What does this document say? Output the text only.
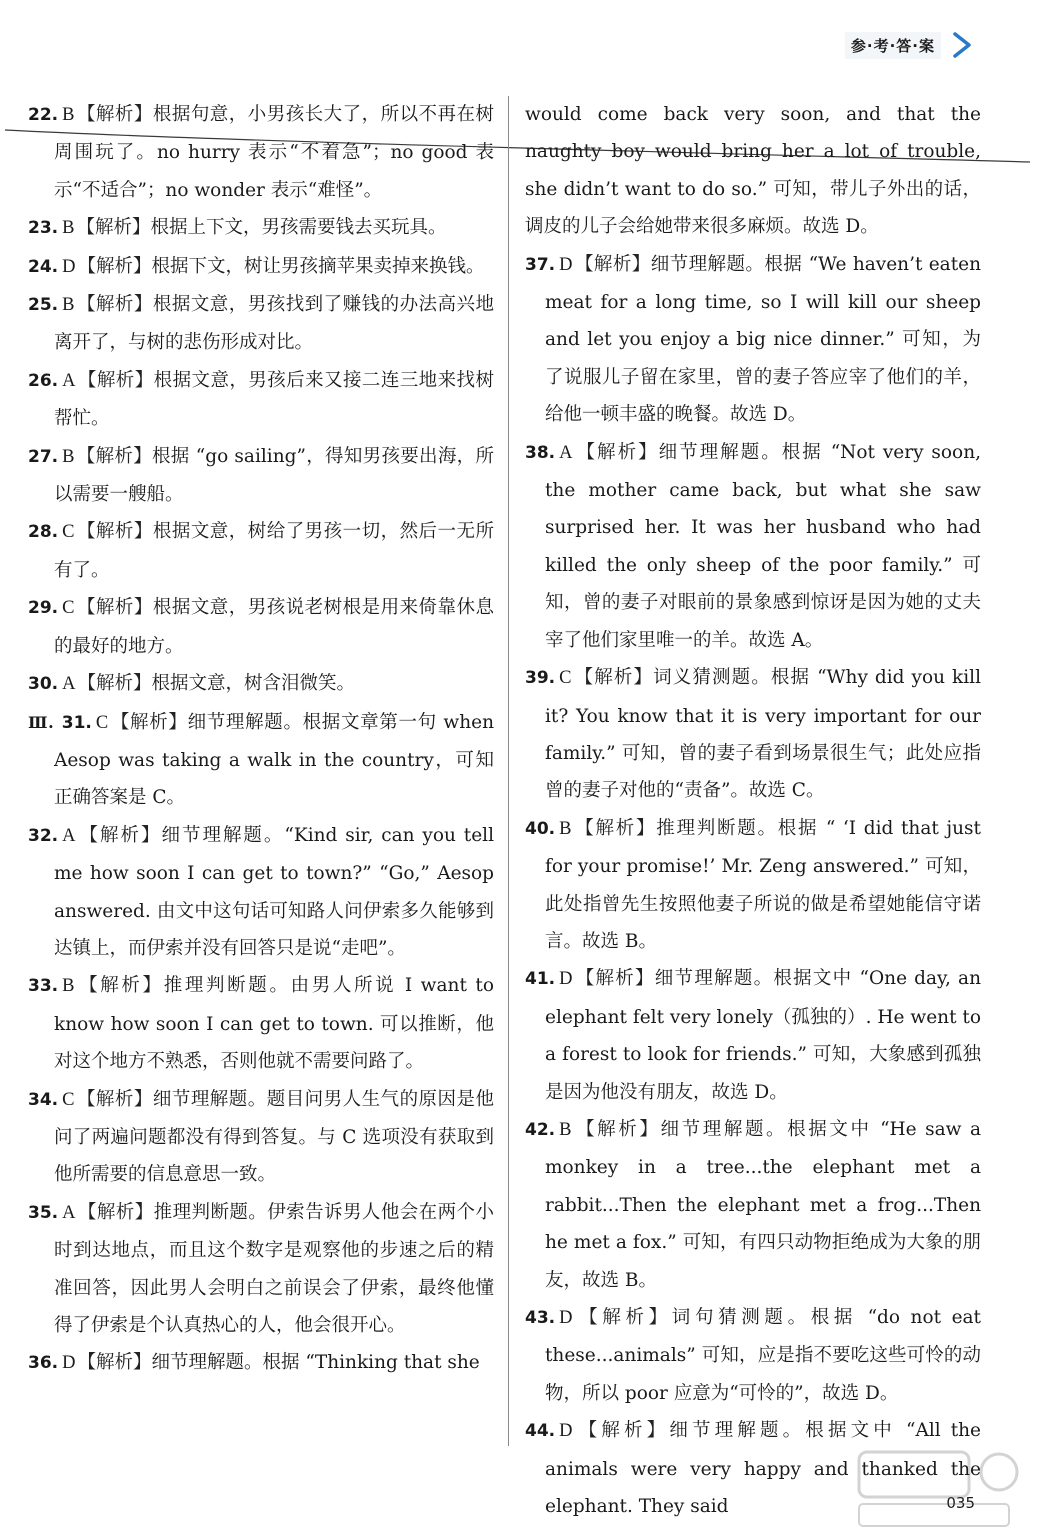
参·考·答·案
22. B 【解析】根据句意，小男孩长大了，所以不再在树周围玩了。no hurry 表示“不着急”；no good 表示“不适合”；no wonder 表示“难怪”。
23. B 【解析】根据上下文，男孩需要钱去买玩具。
24. D 【解析】根据下文，树让男孩摘苹果卖掉来换钱。
25. B 【解析】根据文意，男孩找到了赚钱的办法高兴地离开了，与树的悲伤形成对比。
26. A 【解析】根据文意，男孩后来又接二连三地来找树帮忙。
27. B 【解析】根据 “go sailing”，得知男孩要出海，所以需要一艘船。
28. C 【解析】根据文意，树给了男孩一切，然后一无所有了。
29. C 【解析】根据文意，男孩说老树根是用来倚靠休息的最好的地方。
30. A 【解析】根据文意，树含泪微笑。
Ⅲ. 31. C 【解析】细节理解题。根据文章第一句 when Aesop was taking a walk in the country，可知正确答案是 C。
32. A 【解析】细节理解题。“Kind sir, can you tell me how soon I can get to town?” “Go,” Aesop answered. 由文中这句话可知路人问伊索多久能够到达镇上，而伊索并没有回答只是说“走吧”。
33. B 【解析】推理判断题。由男人所说 I want to know how soon I can get to town. 可以推断，他对这个地方不熟悉，否则他就不需要问路了。
34. C 【解析】细节理解题。题目问男人生气的原因是他问了两遍问题都没有得到答复。与 C 选项没有获取到他所需要的信息意思一致。
35. A 【解析】推理判断题。伊索告诉男人他会在两个小时到达地点，而且这个数字是观察他的步速之后的精准回答，因此男人会明白之前误会了伊索，最终他懂得了伊索是个认真热心的人，他会很开心。
36. D 【解析】细节理解题。根据 “Thinking that she
would come back very soon, and that the naughty boy would bring her a lot of trouble, she didn’t want to do so.” 可知，带儿子外出的话，调皮的儿子会给她带来很多麻烦。故选 D。
37. D 【解析】细节理解题。根据 “We haven’t eaten meat for a long time, so I will kill our sheep and let you enjoy a big nice dinner.” 可知，为了说服儿子留在家里，曾的妻子答应宰了他们的羊，给他一顿丰盛的晚餐。故选 D。
38. A 【解析】细节理解题。根据 “Not very soon, the mother came back, but what she saw surprised her. It was her husband who had killed the only sheep of the poor family.” 可知，曾的妻子对眼前的景象感到惊讶是因为她的丈夫宰了他们家里唯一的羊。故选 A。
39. C 【解析】词义猜测题。根据 “Why did you kill it? You know that it is very important for our family.” 可知，曾的妻子看到场景很生气；此处应指曾的妻子对他的“责备”。故选 C。
40. B 【解析】推理判断题。根据 “ ‘I did that just for your promise!’ Mr. Zeng answered.” 可知，此处指曾先生按照他妻子所说的做是希望她能信守诺言。故选 B。
41. D 【解析】细节理解题。根据文中 “One day, an elephant felt very lonely（孤独的）. He went to a forest to look for friends.” 可知，大象感到孤独是因为他没有朋友，故选 D。
42. B 【解析】细节理解题。根据文中 “He saw a monkey in a tree...the elephant met a rabbit...Then the elephant met a frog...Then he met a fox.” 可知，有四只动物拒绝成为大象的朋友，故选 B。
43. D 【解析】词句猜测题。根据 “do not eat these...animals” 可知，应是指不要吃这些可怜的动物，所以 poor 应意为“可怜的”，故选 D。
44. D 【解析】细节理解题。根据文中 “All the animals were very happy and thanked the elephant. They said	035
